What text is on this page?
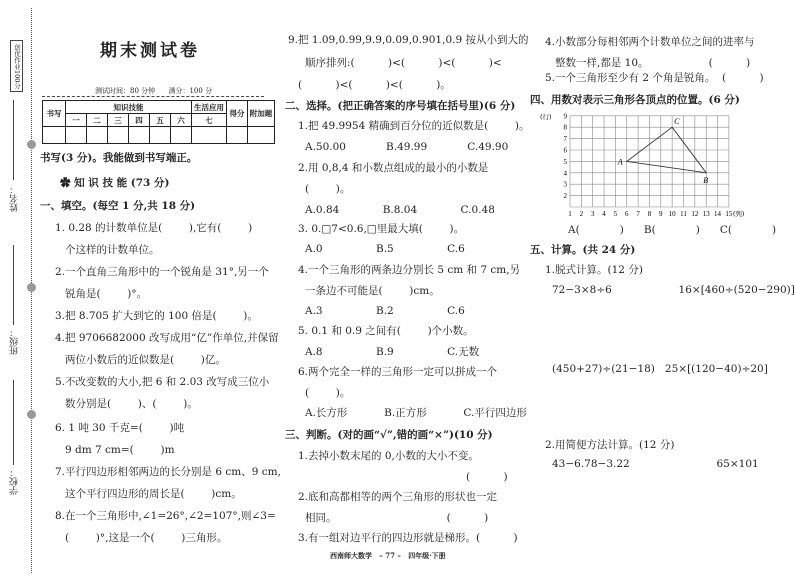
创优作业100分
姓名：
班级：
学校：
期末测试卷
测试时间：80 分钟      满分：100 分
书写	知识技能						生活应用	得分	附加题
	一	二	三	四	五	六	七		

书写(3 分)。我能做到书写端正。
✿ 知 识 技 能 (73 分)
一、填空。(每空 1 分,共 18 分)
1. 0.28 的计数单位是(        ),它有(        )
个这样的计数单位。
2.一个直角三角形中的一个锐角是 31°,另一个
锐角是(        )°。
3.把 8.705 扩大到它的 100 倍是(        )。
4.把 9706682000 改写成用“亿”作单位,并保留
两位小数后的近似数是(        )亿。
5.不改变数的大小,把 6 和 2.03 改写成三位小
数分别是(        )、(        )。
6. 1 吨 30 千克=(        )吨
9 dm 7 cm=(        )m
7.平行四边形相邻两边的长分别是 6 cm、9 cm,
这个平行四边形的周长是(        )cm。
8.在一个三角形中,∠1=26°,∠2=107°,则∠3=
(        )°,这是一个(        )三角形。
9.把 1.09,0.99,9.9,0.09,0.901,0.9 按从小到大的
顺序排列:(          )<(          )<(          )<
(          )<(          )<(          )。
二、选择。(把正确答案的序号填在括号里)(6 分)
1.把 49.9954 精确到百分位的近似数是(        )。
A.50.00            B.49.99            C.49.90
2.用 0,8,4 和小数点组成的最小的小数是
(        )。
A.0.84             B.8.04             C.0.48
3. 0.□7<0.6,□里最大填(        )。
A.0                B.5                C.6
4.一个三角形的两条边分别长 5 cm 和 7 cm,另
一条边不可能是(        )cm。
A.3                B.2                C.6
5. 0.1 和 0.9 之间有(        )个小数。
A.8                B.9                C.无数
6.两个完全一样的三角形一定可以拼成一个
(        )。
A.长方形           B.正方形           C.平行四边形
三、判断。(对的画“√”,错的画“×”)(10 分)
1.去掉小数末尾的 0,小数的大小不变。
(          )
2.底和高都相等的两个三角形的形状也一定
相同。                                 (          )
3.有一组对边平行的四边形就是梯形。(          )
4.小数部分每相邻两个计数单位之间的进率与
整数一样,都是 10。                  (          )
5.一个三角形至少有 2 个角是锐角。  (          )
四、用数对表示三角形各顶点的位置。(6 分)
A(            )      B(            )      C(            )
五、计算。(共 24 分)
1.脱式计算。(12 分)
72−3×8÷6                    16×[460÷(520−290)]
(450+27)÷(21−18)   25×[(120−40)÷20]
2.用简便方法计算。(12 分)
43−6.78−3.22                          65×101
1 2 3 4 5 6 7 8 9 10 11 12 13 14 15
2
3
4
5
6
7
8
9
(列)
(行)
A
B
C
西南师大数学   – 77 –   四年级·下册
